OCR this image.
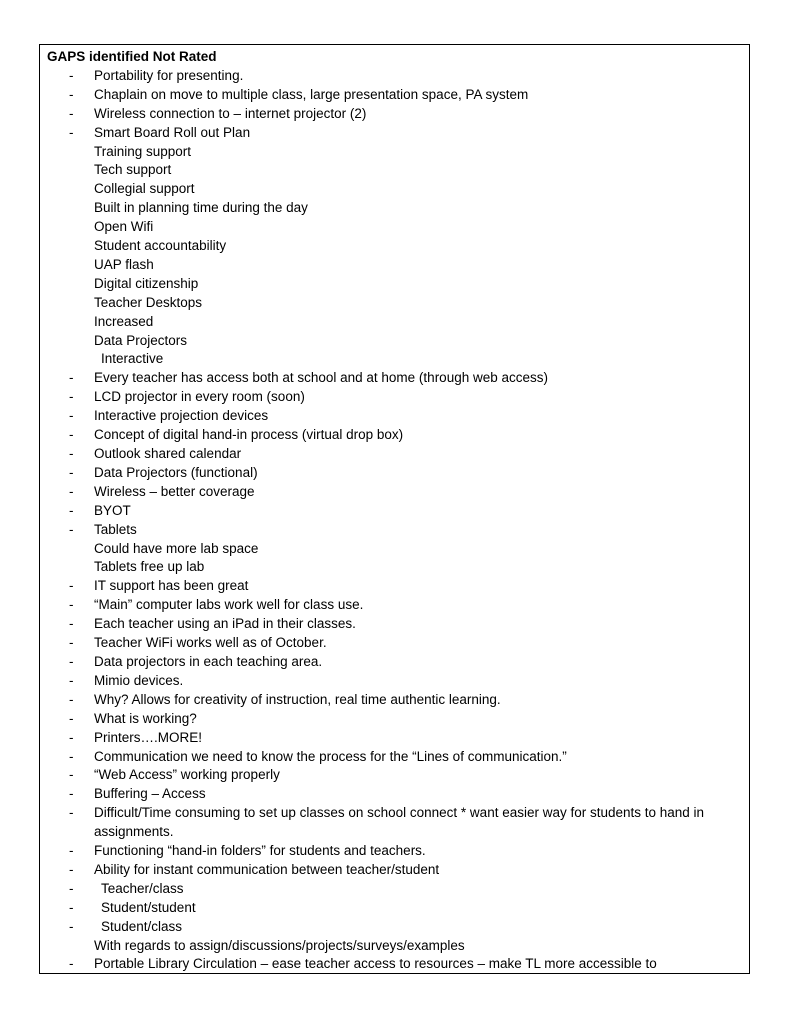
GAPS identified Not Rated
-	Portability for presenting.
-	Chaplain on move to multiple class, large presentation space, PA system
-	Wireless connection to – internet projector (2)
-	Smart Board Roll out Plan
Training support
Tech support
Collegial support
Built in planning time during the day
Open Wifi
Student accountability
UAP flash
Digital citizenship
Teacher Desktops
Increased
Data Projectors
Interactive
-	Every teacher has access both at school and at home (through web access)
-	LCD projector in every room (soon)
-	Interactive projection devices
-	Concept of digital hand-in process (virtual drop box)
-	Outlook shared calendar
-	Data Projectors (functional)
-	Wireless – better coverage
-	BYOT
-	Tablets
Could have more lab space
Tablets free up lab
-	IT support has been great
-	“Main” computer labs work well for class use.
-	Each teacher using an iPad in their classes.
-	Teacher WiFi works well as of October.
-	Data projectors in each teaching area.
-	Mimio devices.
-	Why? Allows for creativity of instruction, real time authentic learning.
-	What is working?
-	Printers….MORE!
-	Communication we need to know the process for the “Lines of communication.”
-	“Web Access” working properly
-	Buffering – Access
-	Difficult/Time consuming to set up classes on school connect * want easier way for students to hand in assignments.
-	Functioning “hand-in folders” for students and teachers.
-	Ability for instant communication between teacher/student
-	Teacher/class
-	Student/student
-	Student/class
With regards to assign/discussions/projects/surveys/examples
-	Portable Library Circulation – ease teacher access to resources – make TL more accessible to
